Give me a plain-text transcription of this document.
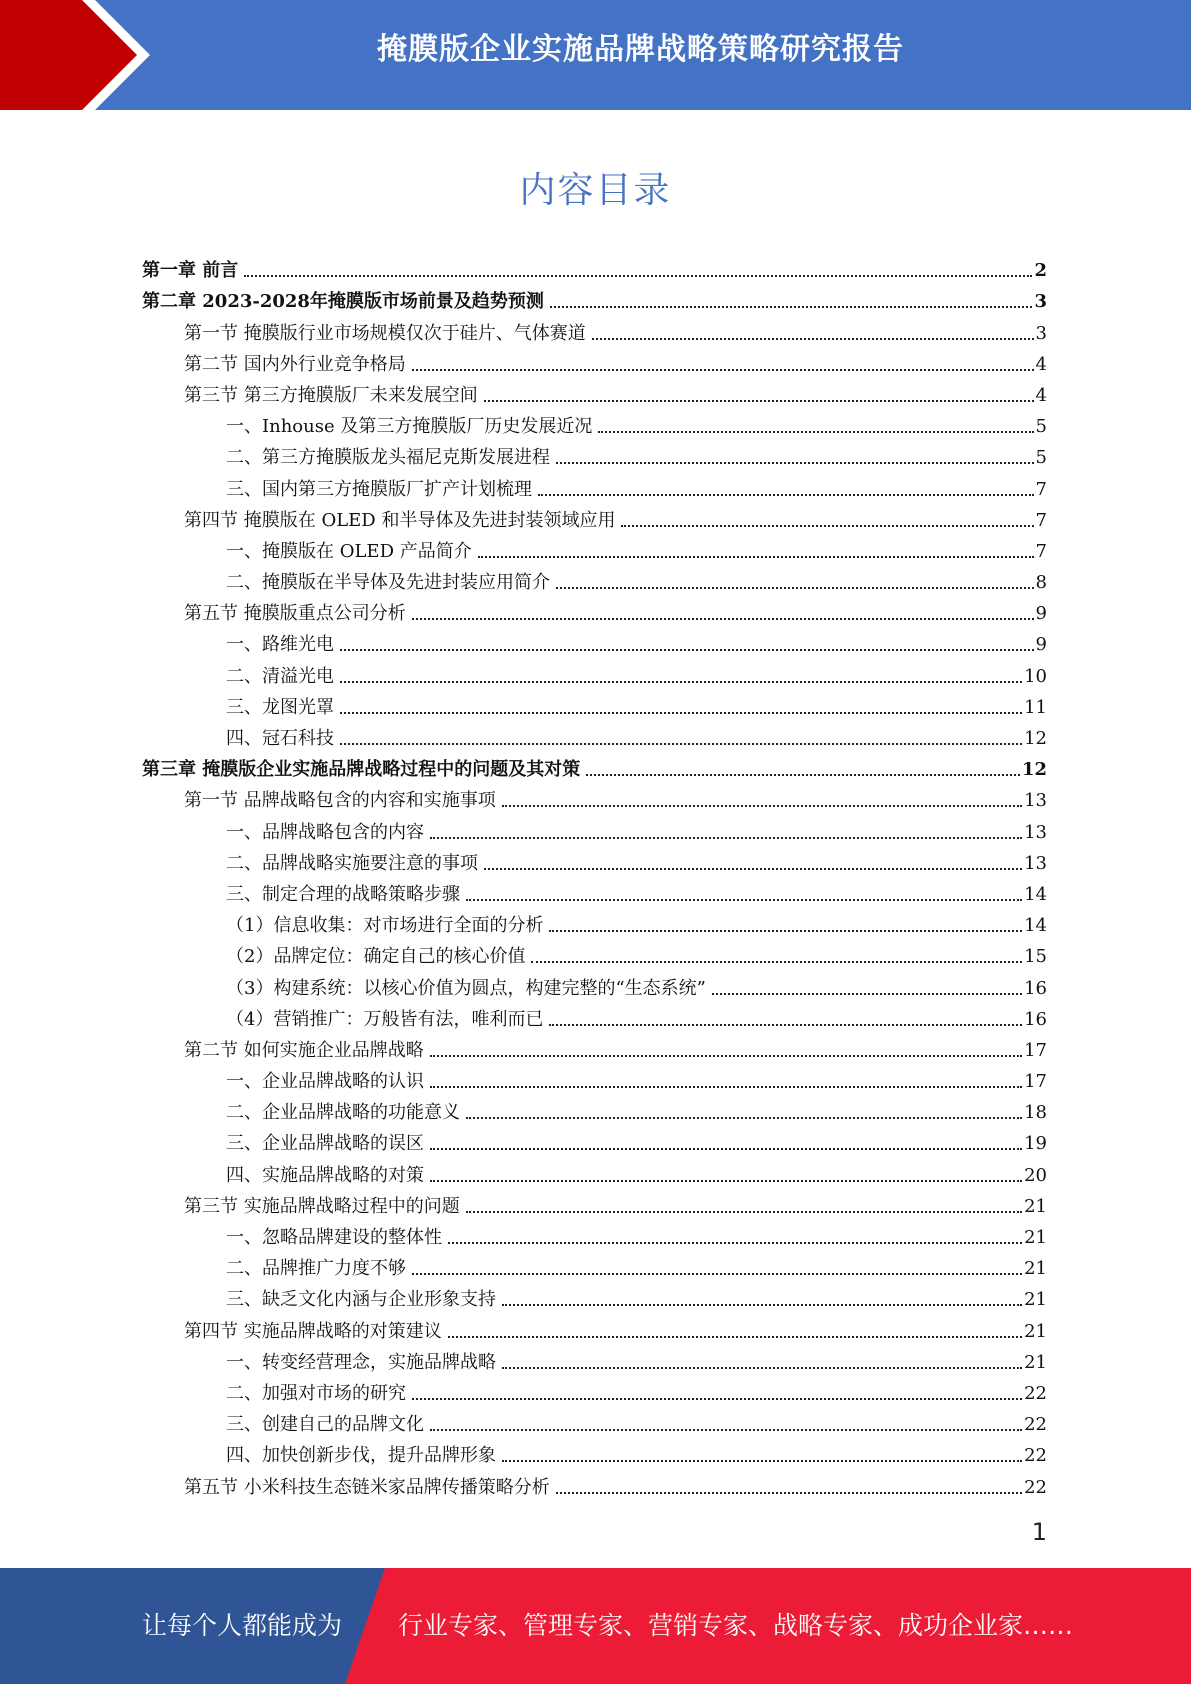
掩膜版企业实施品牌战略策略研究报告
内容目录
第一章 前言	2
第二章 2023-2028年掩膜版市场前景及趋势预测	3
第一节 掩膜版行业市场规模仅次于硅片、气体赛道	3
第二节 国内外行业竞争格局	4
第三节 第三方掩膜版厂未来发展空间	4
一、Inhouse 及第三方掩膜版厂历史发展近况	5
二、第三方掩膜版龙头福尼克斯发展进程	5
三、国内第三方掩膜版厂扩产计划梳理	7
第四节 掩膜版在 OLED 和半导体及先进封装领域应用	7
一、掩膜版在 OLED 产品简介	7
二、掩膜版在半导体及先进封装应用简介	8
第五节 掩膜版重点公司分析	9
一、路维光电	9
二、清溢光电	10
三、龙图光罩	11
四、冠石科技	12
第三章 掩膜版企业实施品牌战略过程中的问题及其对策	12
第一节 品牌战略包含的内容和实施事项	13
一、品牌战略包含的内容	13
二、品牌战略实施要注意的事项	13
三、制定合理的战略策略步骤	14
（1）信息收集：对市场进行全面的分析	14
（2）品牌定位：确定自己的核心价值	15
（3）构建系统：以核心价值为圆点，构建完整的“生态系统”	16
（4）营销推广：万般皆有法，唯利而已	16
第二节 如何实施企业品牌战略	17
一、企业品牌战略的认识	17
二、企业品牌战略的功能意义	18
三、企业品牌战略的误区	19
四、实施品牌战略的对策	20
第三节 实施品牌战略过程中的问题	21
一、忽略品牌建设的整体性	21
二、品牌推广力度不够	21
三、缺乏文化内涵与企业形象支持	21
第四节 实施品牌战略的对策建议	21
一、转变经营理念，实施品牌战略	21
二、加强对市场的研究	22
三、创建自己的品牌文化	22
四、加快创新步伐，提升品牌形象	22
第五节 小米科技生态链米家品牌传播策略分析	22
1
让每个人都能成为 行业专家、管理专家、营销专家、战略专家、成功企业家……
